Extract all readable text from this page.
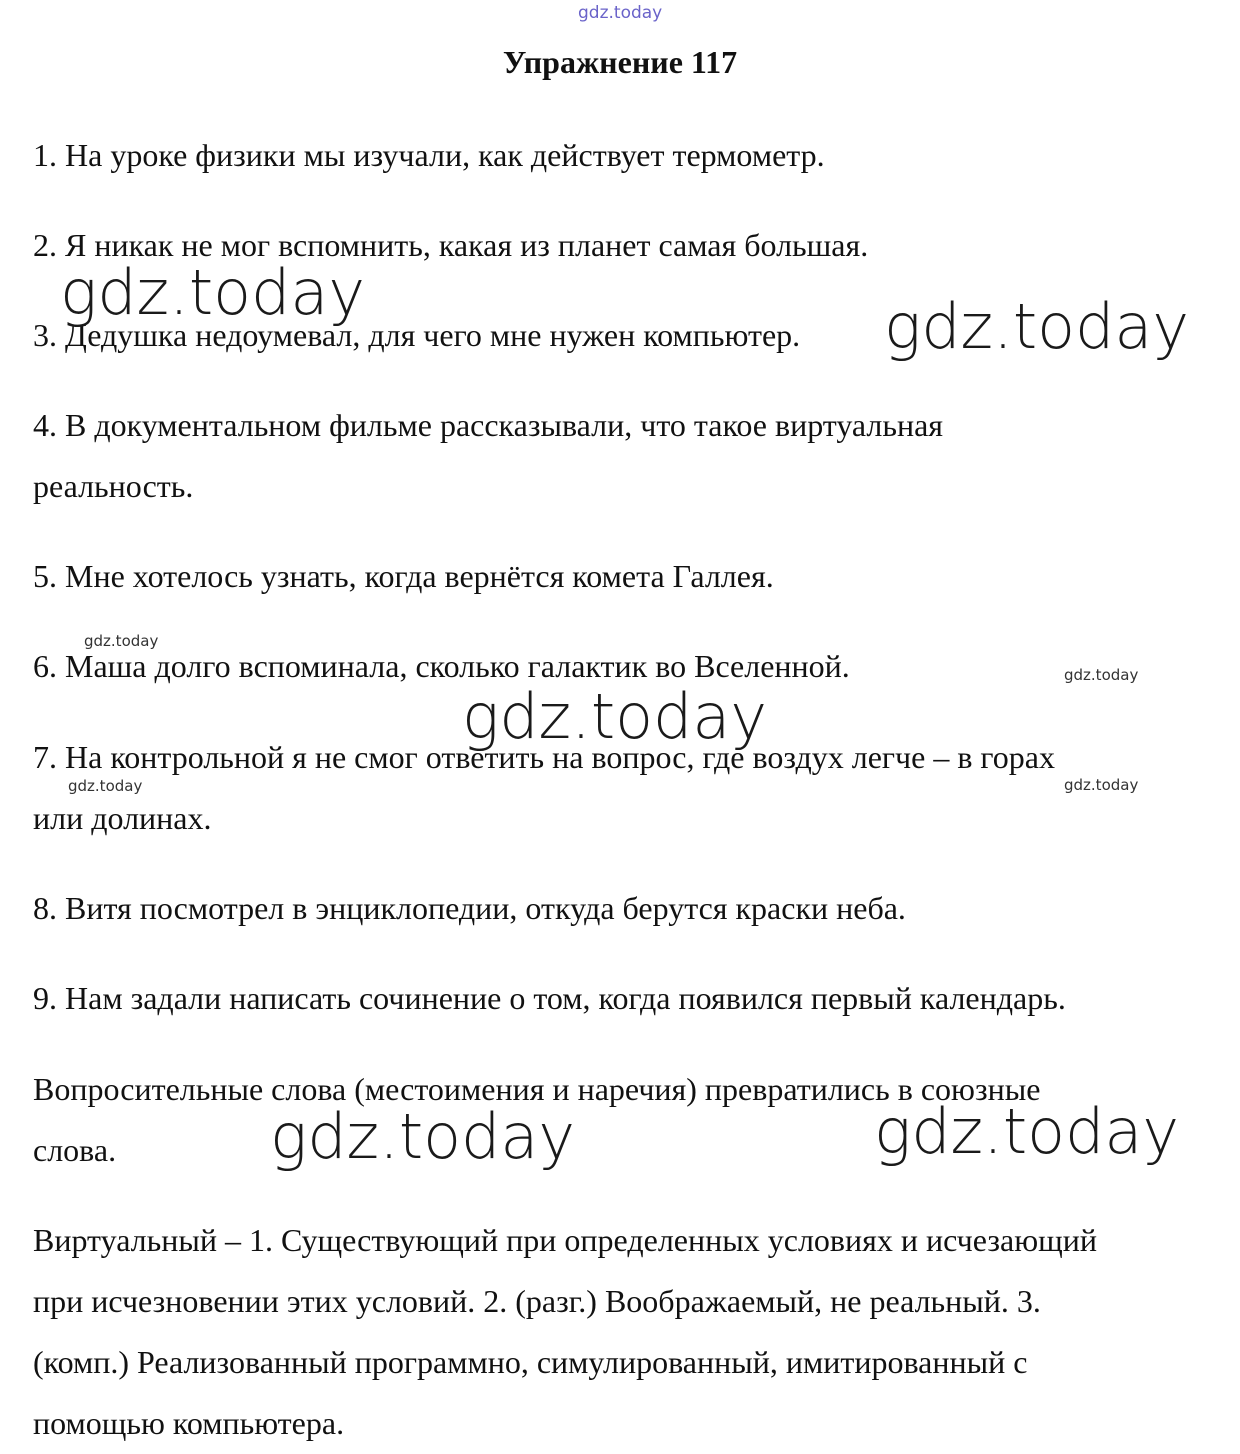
Упражнение 117

1. На уроке физики мы изучали, как действует термометр.

2. Я никак не мог вспомнить, какая из планет самая большая.

3. Дедушка недоумевал, для чего мне нужен компьютер.

4. В документальном фильме рассказывали, что такое виртуальная
реальность.

5. Мне хотелось узнать, когда вернётся комета Галлея.

6. Маша долго вспоминала, сколько галактик во Вселенной.

7. На контрольной я не смог ответить на вопрос, где воздух легче – в горах
или долинах.

8. Витя посмотрел в энциклопедии, откуда берутся краски неба.

9. Нам задали написать сочинение о том, когда появился первый календарь.

Вопросительные слова (местоимения и наречия) превратились в союзные
слова.

Виртуальный – 1. Существующий при определенных условиях и исчезающий
при исчезновении этих условий. 2. (разг.) Воображаемый, не реальный. 3.
(комп.) Реализованный программно, симулированный, имитированный с
помощью компьютера.

gdz.today
gdz.today	gdz.today
gdz.today
gdz.today	gdz.today
gdz.today
gdz.today
gdz.today	gdz.today
